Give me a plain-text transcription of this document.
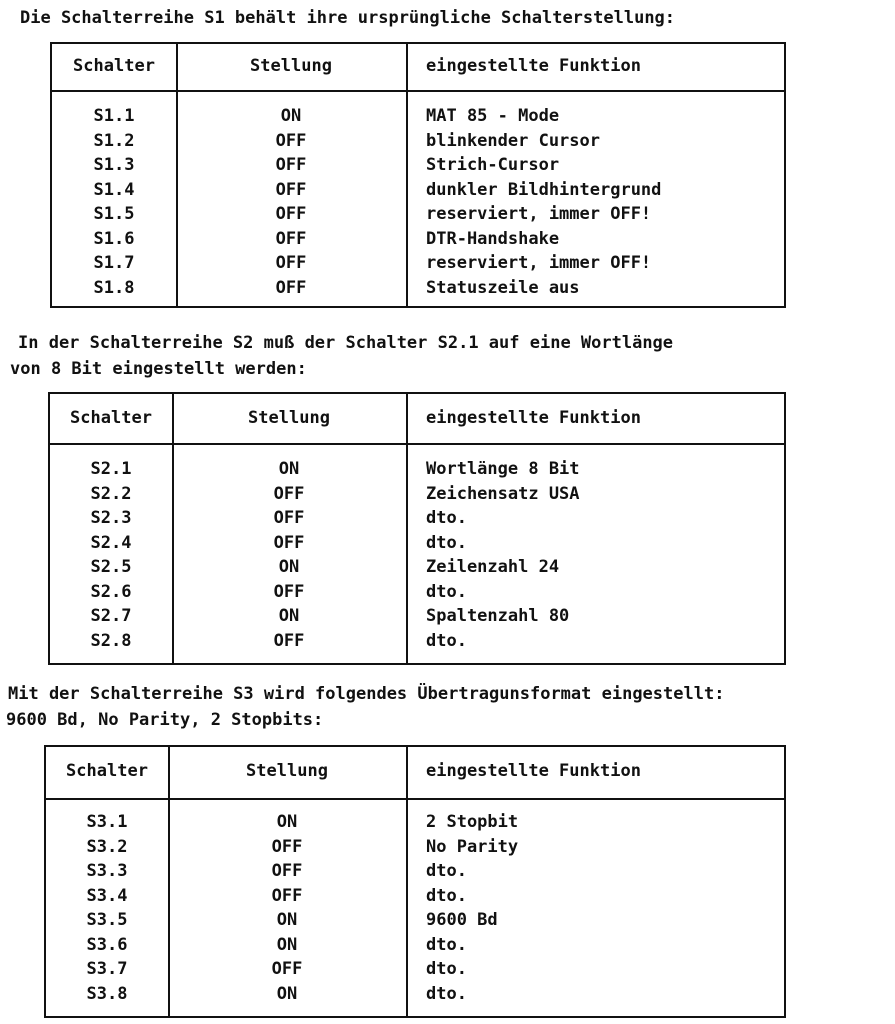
Die Schalterreihe S1 behält ihre ursprüngliche Schalterstellung:

Schalter	Stellung	eingestellte Funktion
S1.1	ON	MAT 85 - Mode
S1.2	OFF	blinkender Cursor
S1.3	OFF	Strich-Cursor
S1.4	OFF	dunkler Bildhintergrund
S1.5	OFF	reserviert, immer OFF!
S1.6	OFF	DTR-Handshake
S1.7	OFF	reserviert, immer OFF!
S1.8	OFF	Statuszeile aus

In der Schalterreihe S2 muß der Schalter S2.1 auf eine Wortlänge

von 8 Bit eingestellt werden:

Schalter	Stellung	eingestellte Funktion
S2.1	ON	Wortlänge 8 Bit
S2.2	OFF	Zeichensatz USA
S2.3	OFF	dto.
S2.4	OFF	dto.
S2.5	ON	Zeilenzahl 24
S2.6	OFF	dto.
S2.7	ON	Spaltenzahl 80
S2.8	OFF	dto.

Mit der Schalterreihe S3 wird folgendes Übertragunsformat eingestellt:

9600 Bd, No Parity, 2 Stopbits:

Schalter	Stellung	eingestellte Funktion
S3.1	ON	2 Stopbit
S3.2	OFF	No Parity
S3.3	OFF	dto.
S3.4	OFF	dto.
S3.5	ON	9600 Bd
S3.6	ON	dto.
S3.7	OFF	dto.
S3.8	ON	dto.
